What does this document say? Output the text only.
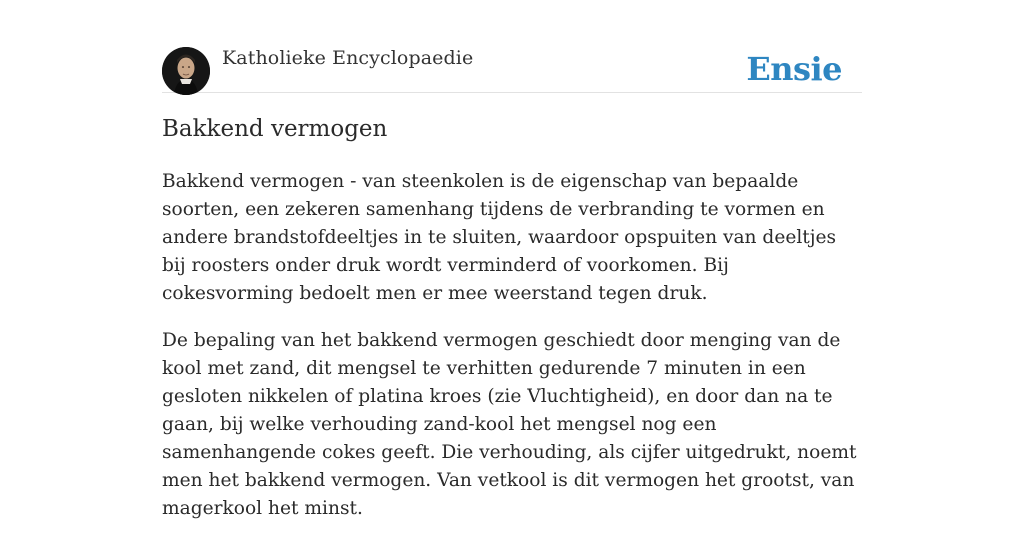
Katholieke Encyclopaedie	Ensie
Bakkend vermogen

Bakkend vermogen - van steenkolen is de eigenschap van bepaalde soorten, een zekeren samenhang tijdens de verbranding te vormen en andere brandstofdeeltjes in te sluiten, waardoor opspuiten van deeltjes bij roosters onder druk wordt verminderd of voorkomen. Bij cokesvorming bedoelt men er mee weerstand tegen druk.

De bepaling van het bakkend vermogen geschiedt door menging van de kool met zand, dit mengsel te verhitten gedurende 7 minuten in een gesloten nikkelen of platina kroes (zie Vluchtigheid), en door dan na te gaan, bij welke verhouding zand-kool het mengsel nog een samenhangende cokes geeft. Die verhouding, als cijfer uitgedrukt, noemt men het bakkend vermogen. Van vetkool is dit vermogen het grootst, van magerkool het minst.
